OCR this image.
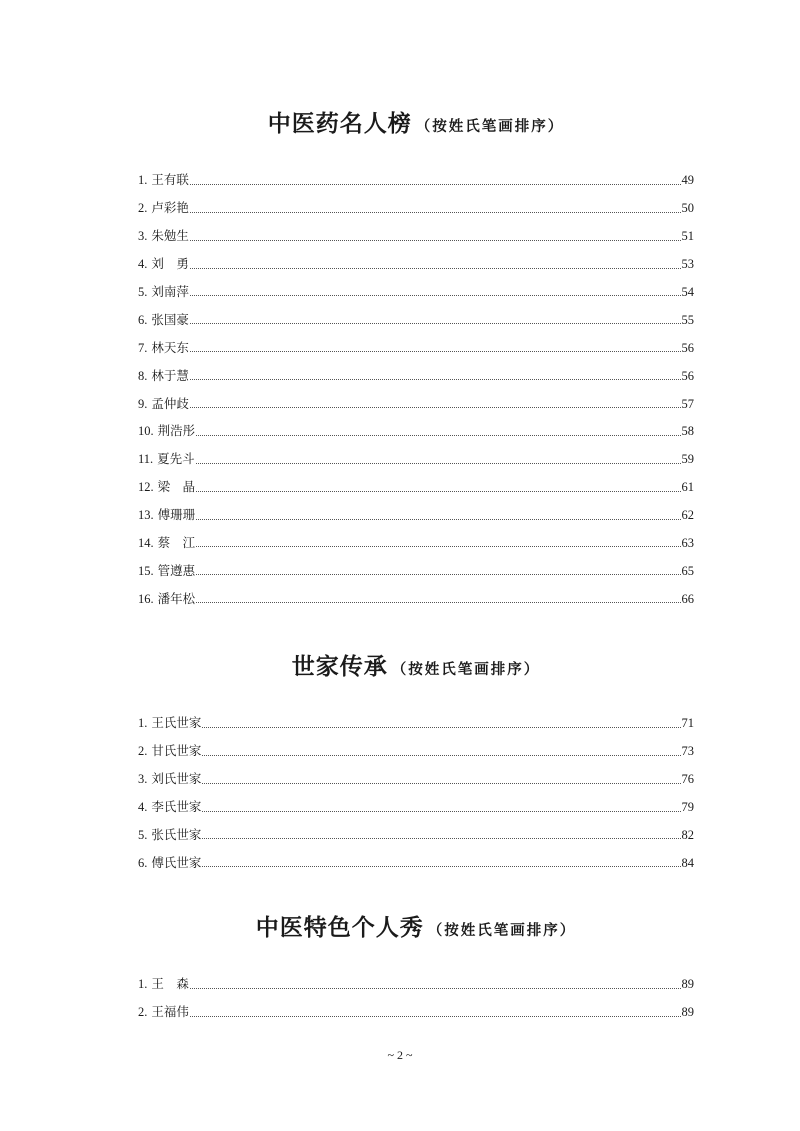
中医药名人榜 （按姓氏笔画排序）
1. 王有联	49
2. 卢彩艳	50
3. 朱勉生	51
4. 刘　勇	53
5. 刘南萍	54
6. 张国豪	55
7. 林天东	56
8. 林于慧	56
9. 孟仲歧	57
10. 荆浩彤	58
11. 夏先斗	59
12. 梁　晶	61
13. 傅珊珊	62
14. 蔡　江	63
15. 管遵惠	65
16. 潘年松	66
世家传承 （按姓氏笔画排序）
1. 王氏世家	71
2. 甘氏世家	73
3. 刘氏世家	76
4. 李氏世家	79
5. 张氏世家	82
6. 傅氏世家	84
中医特色个人秀 （按姓氏笔画排序）
1. 王　森	89
2. 王福伟	89
~ 2 ~
